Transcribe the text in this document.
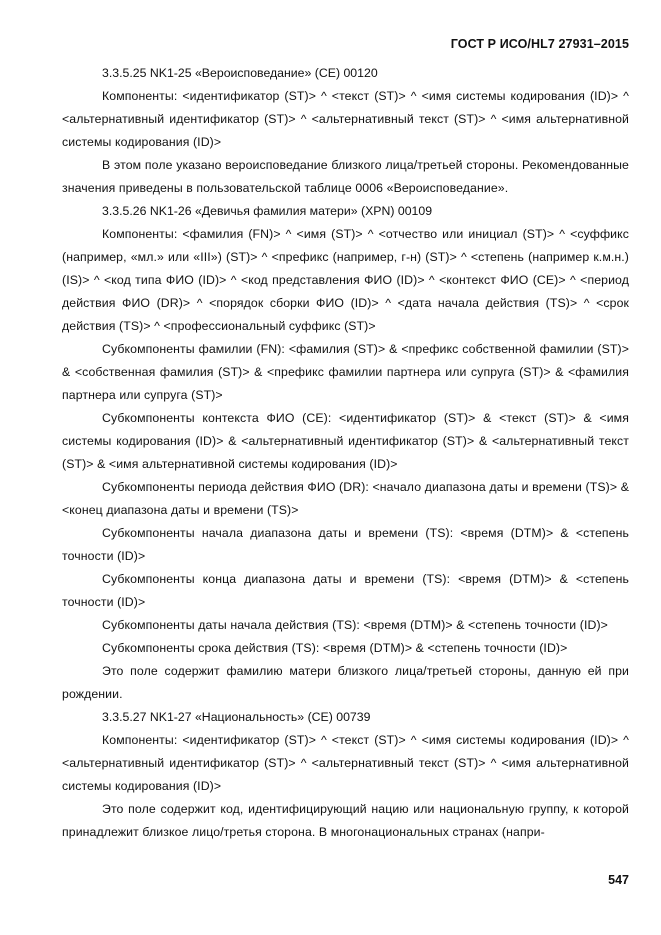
ГОСТ Р ИСО/HL7 27931–2015

3.3.5.25 NK1-25 «Вероисповедание» (CE) 00120

Компоненты: <идентификатор (ST)> ^ <текст (ST)> ^ <имя системы кодирования (ID)> ^ <альтернативный идентификатор (ST)> ^ <альтернативный текст (ST)> ^ <имя альтернативной системы кодирования (ID)>

В этом поле указано вероисповедание близкого лица/третьей стороны. Рекомендованные значения приведены в пользовательской таблице 0006 «Вероисповедание».

3.3.5.26 NK1-26 «Девичья фамилия матери» (XPN) 00109

Компоненты: <фамилия (FN)> ^ <имя (ST)> ^ <отчество или инициал (ST)> ^ <суффикс (например, «мл.» или «III») (ST)> ^ <префикс (например, г-н) (ST)> ^ <степень (например к.м.н.) (IS)> ^ <код типа ФИО (ID)> ^ <код представления ФИО (ID)> ^ <контекст ФИО (CE)> ^ <период действия ФИО (DR)> ^ <порядок сборки ФИО (ID)> ^ <дата начала действия (TS)> ^ <срок действия (TS)> ^ <профессиональный суффикс (ST)>

Субкомпоненты фамилии (FN): <фамилия (ST)> & <префикс собственной фамилии (ST)> & <собственная фамилия (ST)> & <префикс фамилии партнера или супруга (ST)> & <фамилия партнера или супруга (ST)>

Субкомпоненты контекста ФИО (CE): <идентификатор (ST)> & <текст (ST)> & <имя системы кодирования (ID)> & <альтернативный идентификатор (ST)> & <альтернативный текст (ST)> & <имя альтернативной системы кодирования (ID)>

Субкомпоненты периода действия ФИО (DR): <начало диапазона даты и времени (TS)> & <конец диапазона даты и времени (TS)>

Субкомпоненты начала диапазона даты и времени (TS): <время (DTM)> & <степень точности (ID)>

Субкомпоненты конца диапазона даты и времени (TS): <время (DTM)> & <степень точности (ID)>

Субкомпоненты даты начала действия (TS): <время (DTM)> & <степень точности (ID)>

Субкомпоненты срока действия (TS): <время (DTM)> & <степень точности (ID)>

Это поле содержит фамилию матери близкого лица/третьей стороны, данную ей при рождении.

3.3.5.27 NK1-27 «Национальность» (CE) 00739

Компоненты: <идентификатор (ST)> ^ <текст (ST)> ^ <имя системы кодирования (ID)> ^ <альтернативный идентификатор (ST)> ^ <альтернативный текст (ST)> ^ <имя альтернативной системы кодирования (ID)>

Это поле содержит код, идентифицирующий нацию или национальную группу, к которой принадлежит близкое лицо/третья сторона. В многонациональных странах (напри-

547
